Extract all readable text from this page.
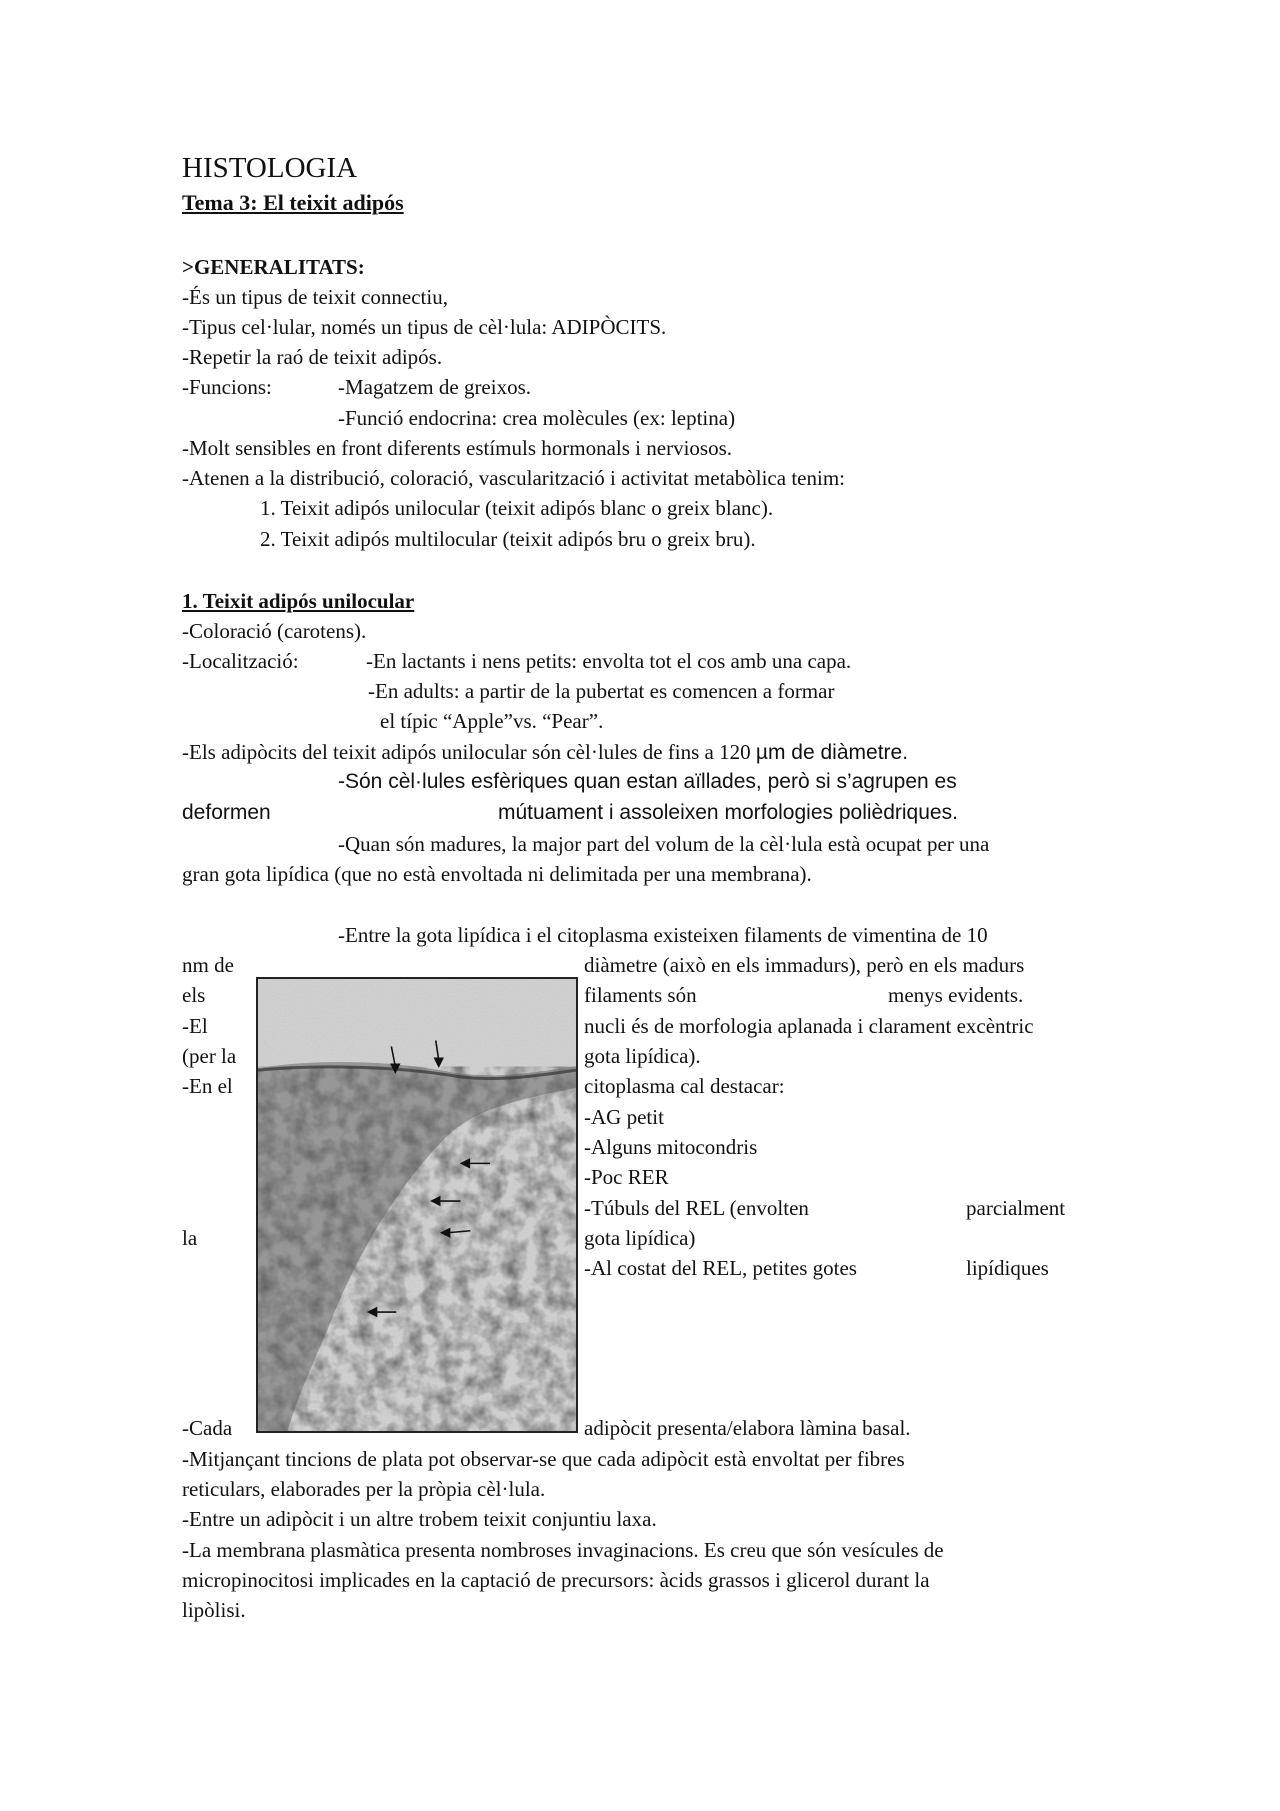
HISTOLOGIA
Tema 3: El teixit adipós
>GENERALITATS:
-És un tipus de teixit connectiu,
-Tipus cel·lular, només un tipus de cèl·lula: ADIPÒCITS.
-Repetir la raó de teixit adipós.
-Funcions:	-Magatzem de greixos.
-Funció endocrina: crea molècules (ex: leptina)
-Molt sensibles en front diferents estímuls hormonals i nerviosos.
-Atenen a la distribució, coloració, vascularització i activitat metabòlica tenim:
1. Teixit adipós unilocular (teixit adipós blanc o greix blanc).
2. Teixit adipós multilocular (teixit adipós bru o greix bru).
1. Teixit adipós unilocular
-Coloració (carotens).
-Localització:	-En lactants i nens petits: envolta tot el cos amb una capa.
-En adults: a partir de la pubertat es comencen a formar
el típic “Apple”vs. “Pear”.
-Els adipòcits del teixit adipós unilocular són cèl·lules de fins a 120 µm de diàmetre.
-Són cèl·lules esfèriques quan estan aïllades, però si s’agrupen es
deformen	mútuament i assoleixen morfologies polièdriques.
-Quan són madures, la major part del volum de la cèl·lula està ocupat per una
gran gota lipídica (que no està envoltada ni delimitada per una membrana).
-Entre la gota lipídica i el citoplasma existeixen filaments de vimentina de 10
nm de	diàmetre (això en els immadurs), però en els madurs
els	filaments són	menys evidents.
-El	nucli és de morfologia aplanada i clarament excèntric
(per la	gota lipídica).
-En el	citoplasma cal destacar:
-AG petit
-Alguns mitocondris
-Poc RER
-Túbuls del REL (envolten	parcialment
la	gota lipídica)
-Al costat del REL, petites gotes	lipídiques
-Cada	adipòcit presenta/elabora làmina basal.
-Mitjançant tincions de plata pot observar-se que cada adipòcit està envoltat per fibres
reticulars, elaborades per la pròpia cèl·lula.
-Entre un adipòcit i un altre trobem teixit conjuntiu laxa.
-La membrana plasmàtica presenta nombroses invaginacions. Es creu que són vesícules de
micropinocitosi implicades en la captació de precursors: àcids grassos i glicerol durant la
lipòlisi.
